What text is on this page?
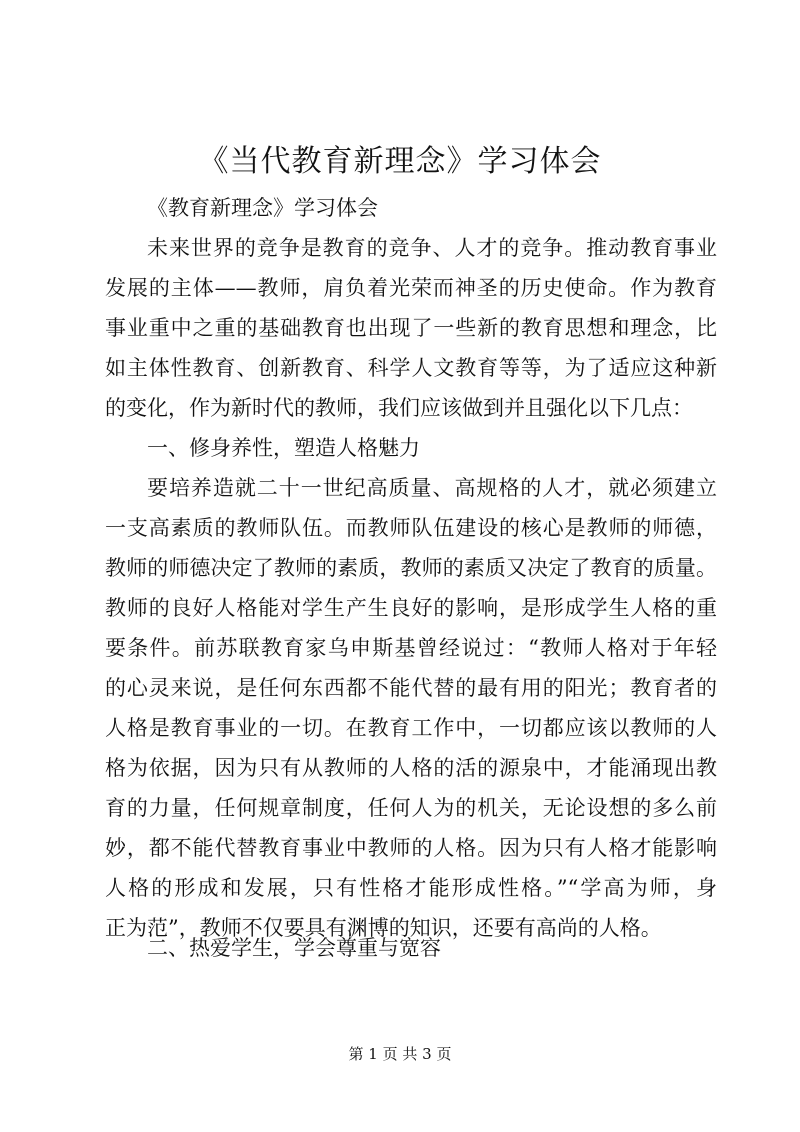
《当代教育新理念》学习体会

《教育新理念》学习体会

未来世界的竞争是教育的竞争、人才的竞争。推动教育事业
发展的主体——教师，肩负着光荣而神圣的历史使命。作为教育
事业重中之重的基础教育也出现了一些新的教育思想和理念，比
如主体性教育、创新教育、科学人文教育等等，为了适应这种新
的变化，作为新时代的教师，我们应该做到并且强化以下几点：

一、修身养性，塑造人格魅力

要培养造就二十一世纪高质量、高规格的人才，就必须建立
一支高素质的教师队伍。而教师队伍建设的核心是教师的师德，
教师的师德决定了教师的素质，教师的素质又决定了教育的质量。
教师的良好人格能对学生产生良好的影响，是形成学生人格的重
要条件。前苏联教育家乌申斯基曾经说过：“教师人格对于年轻
的心灵来说，是任何东西都不能代替的最有用的阳光；教育者的
人格是教育事业的一切。在教育工作中，一切都应该以教师的人
格为依据，因为只有从教师的人格的活的源泉中，才能涌现出教
育的力量，任何规章制度，任何人为的机关，无论设想的多么前
妙，都不能代替教育事业中教师的人格。因为只有人格才能影响
人格的形成和发展，只有性格才能形成性格。”“学高为师，身
正为范”，教师不仅要具有渊博的知识，还要有高尚的人格。

二、热爱学生，学会尊重与宽容

第 1 页 共 3 页
